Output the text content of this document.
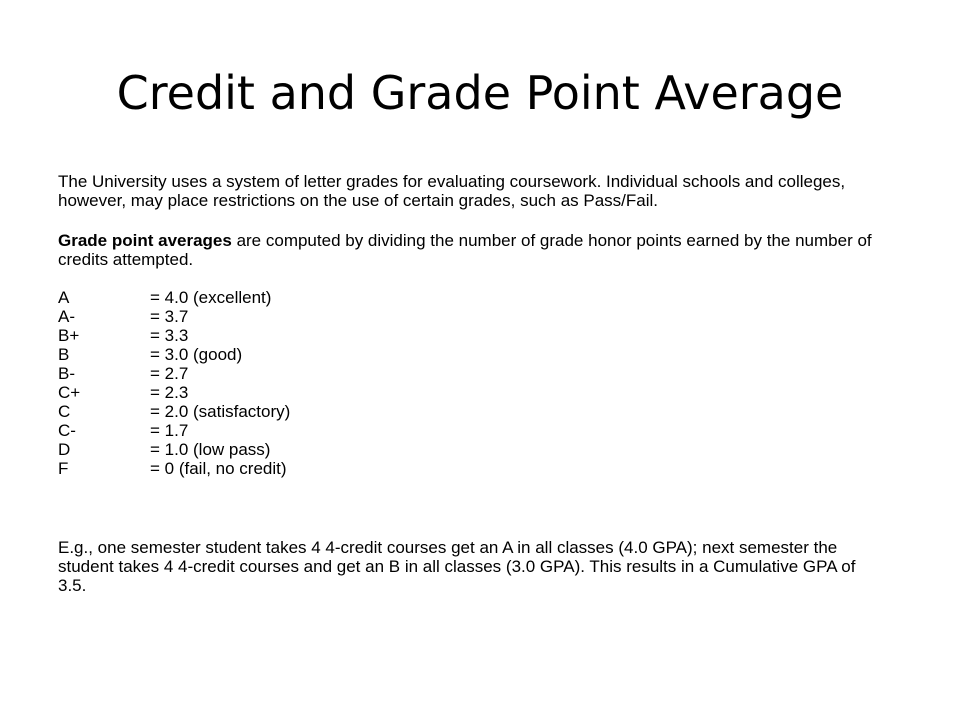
Credit and Grade Point Average

The University uses a system of letter grades for evaluating coursework. Individual schools and colleges, however, may place restrictions on the use of certain grades, such as Pass/Fail.

Grade point averages are computed by dividing the number of grade honor points earned by the number of credits attempted.

A	= 4.0 (excellent)
A-	= 3.7
B+	= 3.3
B	= 3.0 (good)
B-	= 2.7
C+	= 2.3
C	= 2.0 (satisfactory)
C-	= 1.7
D	= 1.0 (low pass)
F	= 0 (fail, no credit)

E.g., one semester student takes 4 4-credit courses get an A in all classes (4.0 GPA); next semester the student takes 4 4-credit courses and get an B in all classes (3.0 GPA). This results in a Cumulative GPA of 3.5.
